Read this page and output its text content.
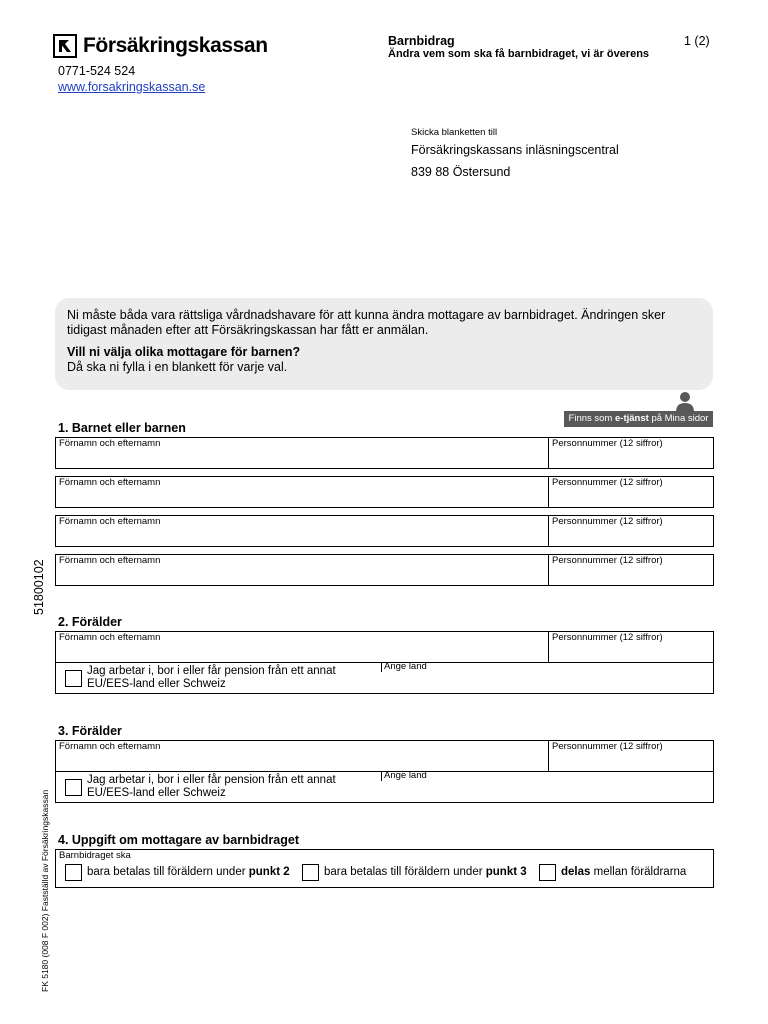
Försäkringskassan
0771-524 524
www.forsakringskassan.se
Barnbidrag
Ändra vem som ska få barnbidraget, vi är överens
1 (2)
Skicka blanketten till
Försäkringskassans inläsningscentral
839 88 Östersund
Ni måste båda vara rättsliga vårdnadshavare för att kunna ändra mottagare av barnbidraget. Ändringen sker tidigast månaden efter att Försäkringskassan har fått er anmälan.
Vill ni välja olika mottagare för barnen?
Då ska ni fylla i en blankett för varje val.
Finns som e-tjänst på Mina sidor
1. Barnet eller barnen
Förnamn och efternamn	Personnummer (12 siffror)
Förnamn och efternamn	Personnummer (12 siffror)
Förnamn och efternamn	Personnummer (12 siffror)
Förnamn och efternamn	Personnummer (12 siffror)
51800102
2. Förälder
Förnamn och efternamn	Personnummer (12 siffror)
Jag arbetar i, bor i eller får pension från ett annat
EU/EES-land eller Schweiz
Ange land
3. Förälder
Förnamn och efternamn	Personnummer (12 siffror)
Jag arbetar i, bor i eller får pension från ett annat
EU/EES-land eller Schweiz
Ange land
4. Uppgift om mottagare av barnbidraget
Barnbidraget ska
bara betalas till föräldern under punkt 2	bara betalas till föräldern under punkt 3	delas mellan föräldrarna
FK 5180 (008 F 002) Fastställd av Försäkringskassan
